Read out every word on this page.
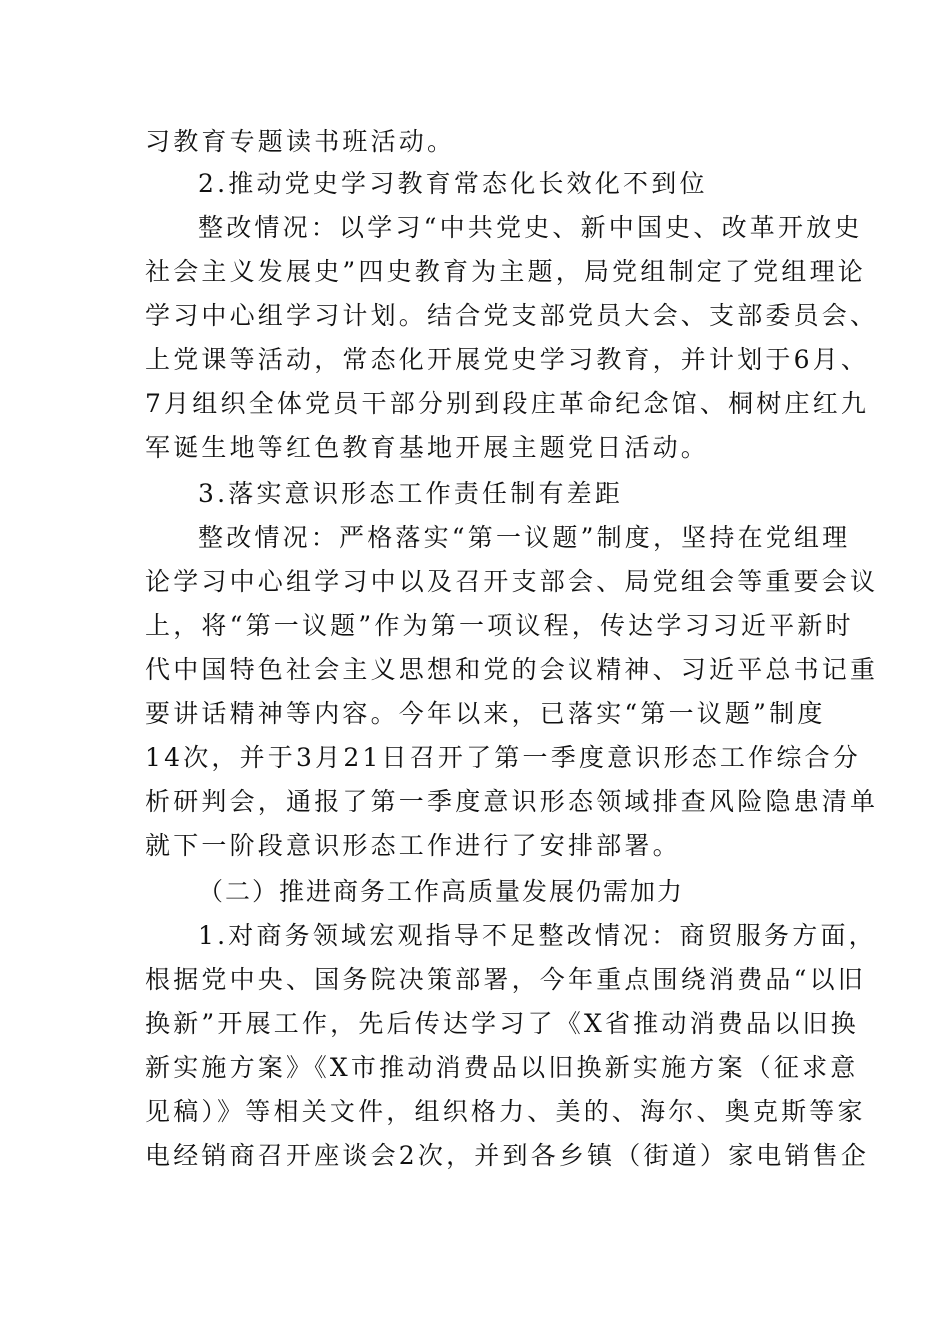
习教育专题读书班活动。
2.推动党史学习教育常态化长效化不到位
整改情况：以学习“中共党史、新中国史、改革开放史
社会主义发展史”四史教育为主题，局党组制定了党组理论
学习中心组学习计划。结合党支部党员大会、支部委员会、
上党课等活动，常态化开展党史学习教育，并计划于6月、
7月组织全体党员干部分别到段庄革命纪念馆、桐树庄红九
军诞生地等红色教育基地开展主题党日活动。
3.落实意识形态工作责任制有差距
整改情况：严格落实“第一议题”制度，坚持在党组理
论学习中心组学习中以及召开支部会、局党组会等重要会议
上，将“第一议题”作为第一项议程，传达学习习近平新时
代中国特色社会主义思想和党的会议精神、习近平总书记重
要讲话精神等内容。今年以来，已落实“第一议题”制度
14次，并于3月21日召开了第一季度意识形态工作综合分
析研判会，通报了第一季度意识形态领域排查风险隐患清单
就下一阶段意识形态工作进行了安排部署。
（二）推进商务工作高质量发展仍需加力
1.对商务领域宏观指导不足整改情况：商贸服务方面，
根据党中央、国务院决策部署，今年重点围绕消费品“以旧
换新”开展工作，先后传达学习了《X省推动消费品以旧换
新实施方案》《X市推动消费品以旧换新实施方案（征求意
见稿）》等相关文件，组织格力、美的、海尔、奥克斯等家
电经销商召开座谈会2次，并到各乡镇（街道）家电销售企
